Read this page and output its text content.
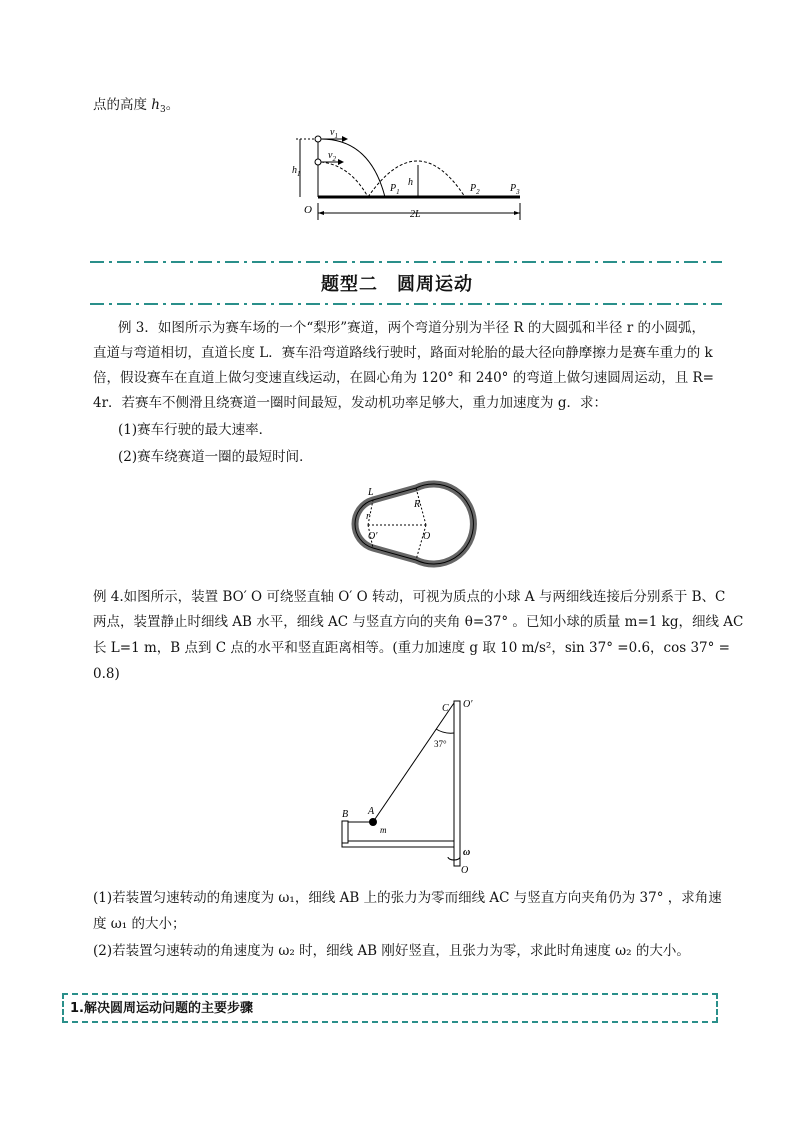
点的高度 $h_3$。
$v_1$
$v_2$
$h_1$
h
O
$P_1$	$P_2$	$P_3$
2L
题型二　圆周运动
例 3．如图所示为赛车场的一个“梨形”赛道，两个弯道分别为半径 R 的大圆弧和半径 r 的小圆弧，
直道与弯道相切，直道长度 L．赛车沿弯道路线行驶时，路面对轮胎的最大径向静摩擦力是赛车重力的 k
倍，假设赛车在直道上做匀变速直线运动，在圆心角为 120° 和 240° 的弯道上做匀速圆周运动，且 R=
4r．若赛车不侧滑且绕赛道一圈时间最短，发动机功率足够大，重力加速度为 g．求：
(1)赛车行驶的最大速率．
(2)赛车绕赛道一圈的最短时间．
L
R
r
O′	O
例 4.如图所示，装置 BO′ O 可绕竖直轴 O′ O 转动，可视为质点的小球 A 与两细线连接后分别系于 B、C
两点，装置静止时细线 AB 水平，细线 AC 与竖直方向的夹角 θ=37° 。已知小球的质量 m=1 kg，细线 AC
长 L=1 m，B 点到 C 点的水平和竖直距离相等。(重力加速度 g 取 10 m/s²，sin 37° =0.6，cos 37° =
0.8)
C O′
37°
B A
m
ω
O
(1)若装置匀速转动的角速度为 ω₁，细线 AB 上的张力为零而细线 AC 与竖直方向夹角仍为 37° ，求角速
度 ω₁ 的大小；
(2)若装置匀速转动的角速度为 ω₂ 时，细线 AB 刚好竖直，且张力为零，求此时角速度 ω₂ 的大小。
1.解决圆周运动问题的主要步骤
